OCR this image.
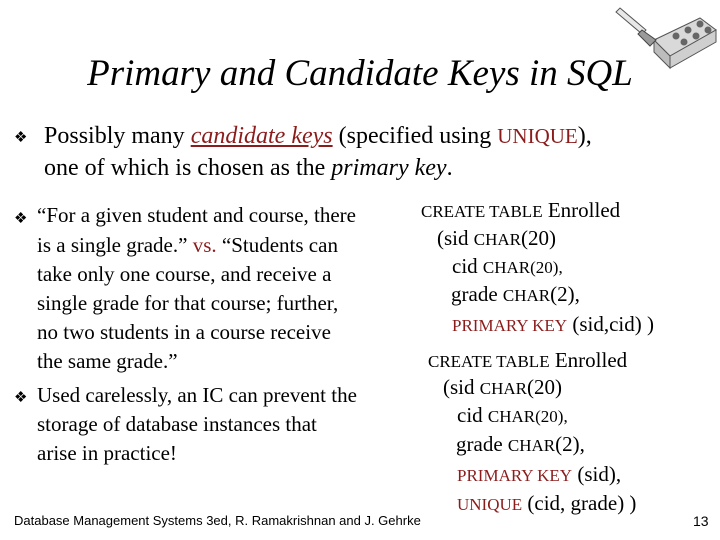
Primary and Candidate Keys in SQL
❖ Possibly many candidate keys (specified using UNIQUE),
one of which is chosen as the primary key.
❖ “For a given student and course, there
is a single grade.” vs. “Students can
take only one course, and receive a
single grade for that course; further,
no two students in a course receive
the same grade.”
❖ Used carelessly, an IC can prevent the
storage of database instances that
arise in practice!
CREATE TABLE Enrolled
(sid CHAR(20)
cid CHAR(20),
grade CHAR(2),
PRIMARY KEY (sid,cid) )
CREATE TABLE Enrolled
(sid CHAR(20)
cid CHAR(20),
grade CHAR(2),
PRIMARY KEY (sid),
UNIQUE (cid, grade) )
Database Management Systems 3ed, R. Ramakrishnan and J. Gehrke	13
